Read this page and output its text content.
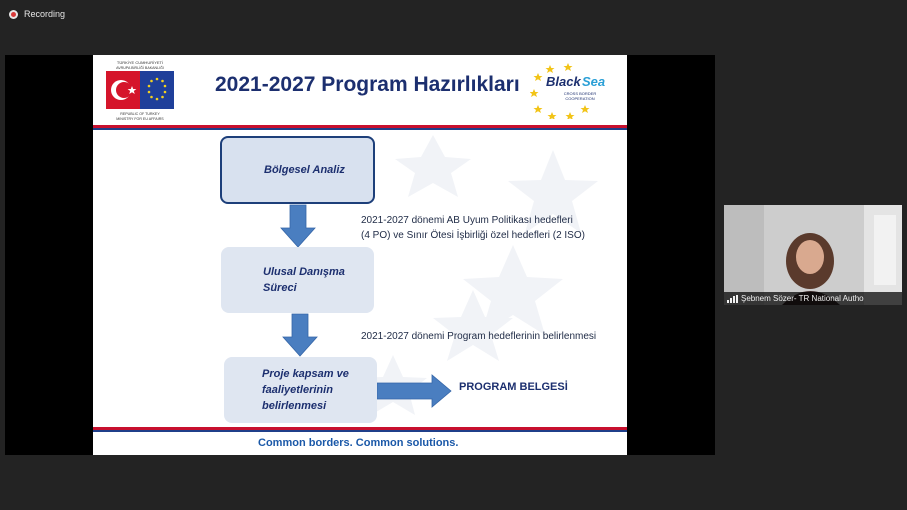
Recording
TÜRKİYE CUMHURİYETİ
AVRUPA BİRLİĞİ BAKANLIĞI
REPUBLIC OF TURKEY
MINISTRY FOR EU AFFAIRS
Black Sea
CROSS BORDER
COOPERATION
2021-2027 Program Hazırlıkları
Bölgesel Analiz
Ulusal Danışma
Süreci
Proje kapsam ve
faaliyetlerinin
belirlenmesi
2021-2027 dönemi AB Uyum Politikası hedefleri
(4 PO) ve Sınır Ötesi İşbirliği özel hedefleri (2 ISO)
2021-2027 dönemi Program hedeflerinin belirlenmesi
PROGRAM BELGESİ
Common borders. Common solutions.
Şebnem Sözer- TR National Autho
